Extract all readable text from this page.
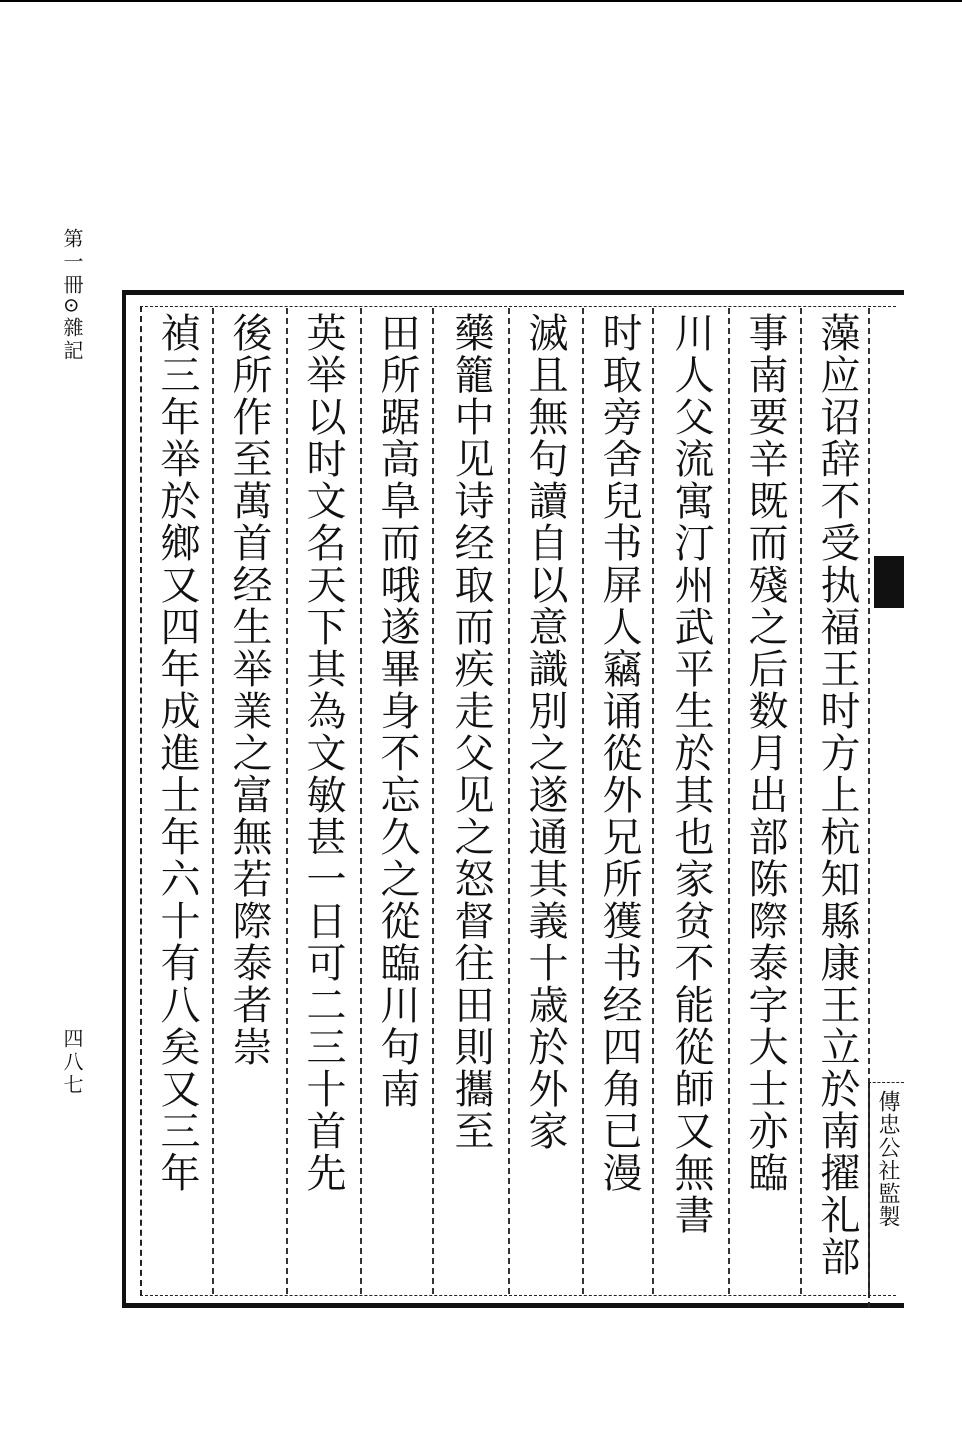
第一冊⊙雜記
四八七	藻应诏辞不受执福王时方上杭知縣康王立於南擢礼部
事南要辛既而殘之后数月出部陈際泰字大士亦臨
川人父流寓汀州武平生於其也家贫不能從師又無書
时取旁舍兒书屏人竊诵從外兄所獲书经四角已漫
滅且無句讀自以意識別之遂通其義十歳於外家
藥籠中见诗经取而疾走父见之怒督往田則攜至
田所踞高阜而哦遂畢身不忘久之從臨川句南
英举以时文名天下其為文敏甚一日可二三十首先
後所作至萬首经生举業之富無若際泰者崇
禎三年举於鄉又四年成進士年六十有八矣又三年	傳忠公社監製
